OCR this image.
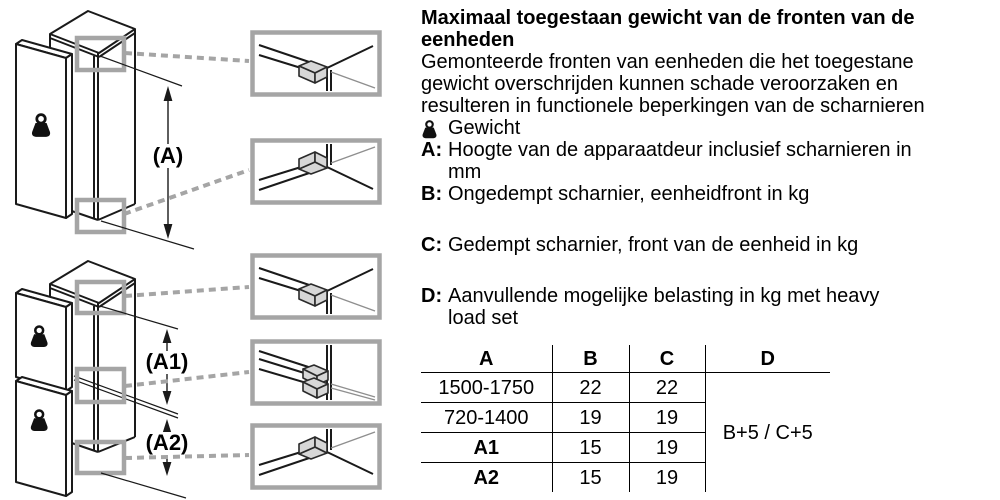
(A)
(A1)
(A2)
Maximaal toegestaan gewicht van de fronten van de eenheden

Gemonteerde fronten van eenheden die het toegestane gewicht overschrijden kunnen schade veroorzaken en resulteren in functionele beperkingen van de scharnieren

Gewicht
A: Hoogte van de apparaatdeur inclusief scharnieren in mm
B: Ongedempt scharnier, eenheidfront in kg
C: Gedempt scharnier, front van de eenheid in kg
D: Aanvullende mogelijke belasting in kg met heavy load set
A	B	C	D
1500-1750	22	22	B+5 / C+5
720-1400	19	19	
A1	15	19	
A2	15	19	
